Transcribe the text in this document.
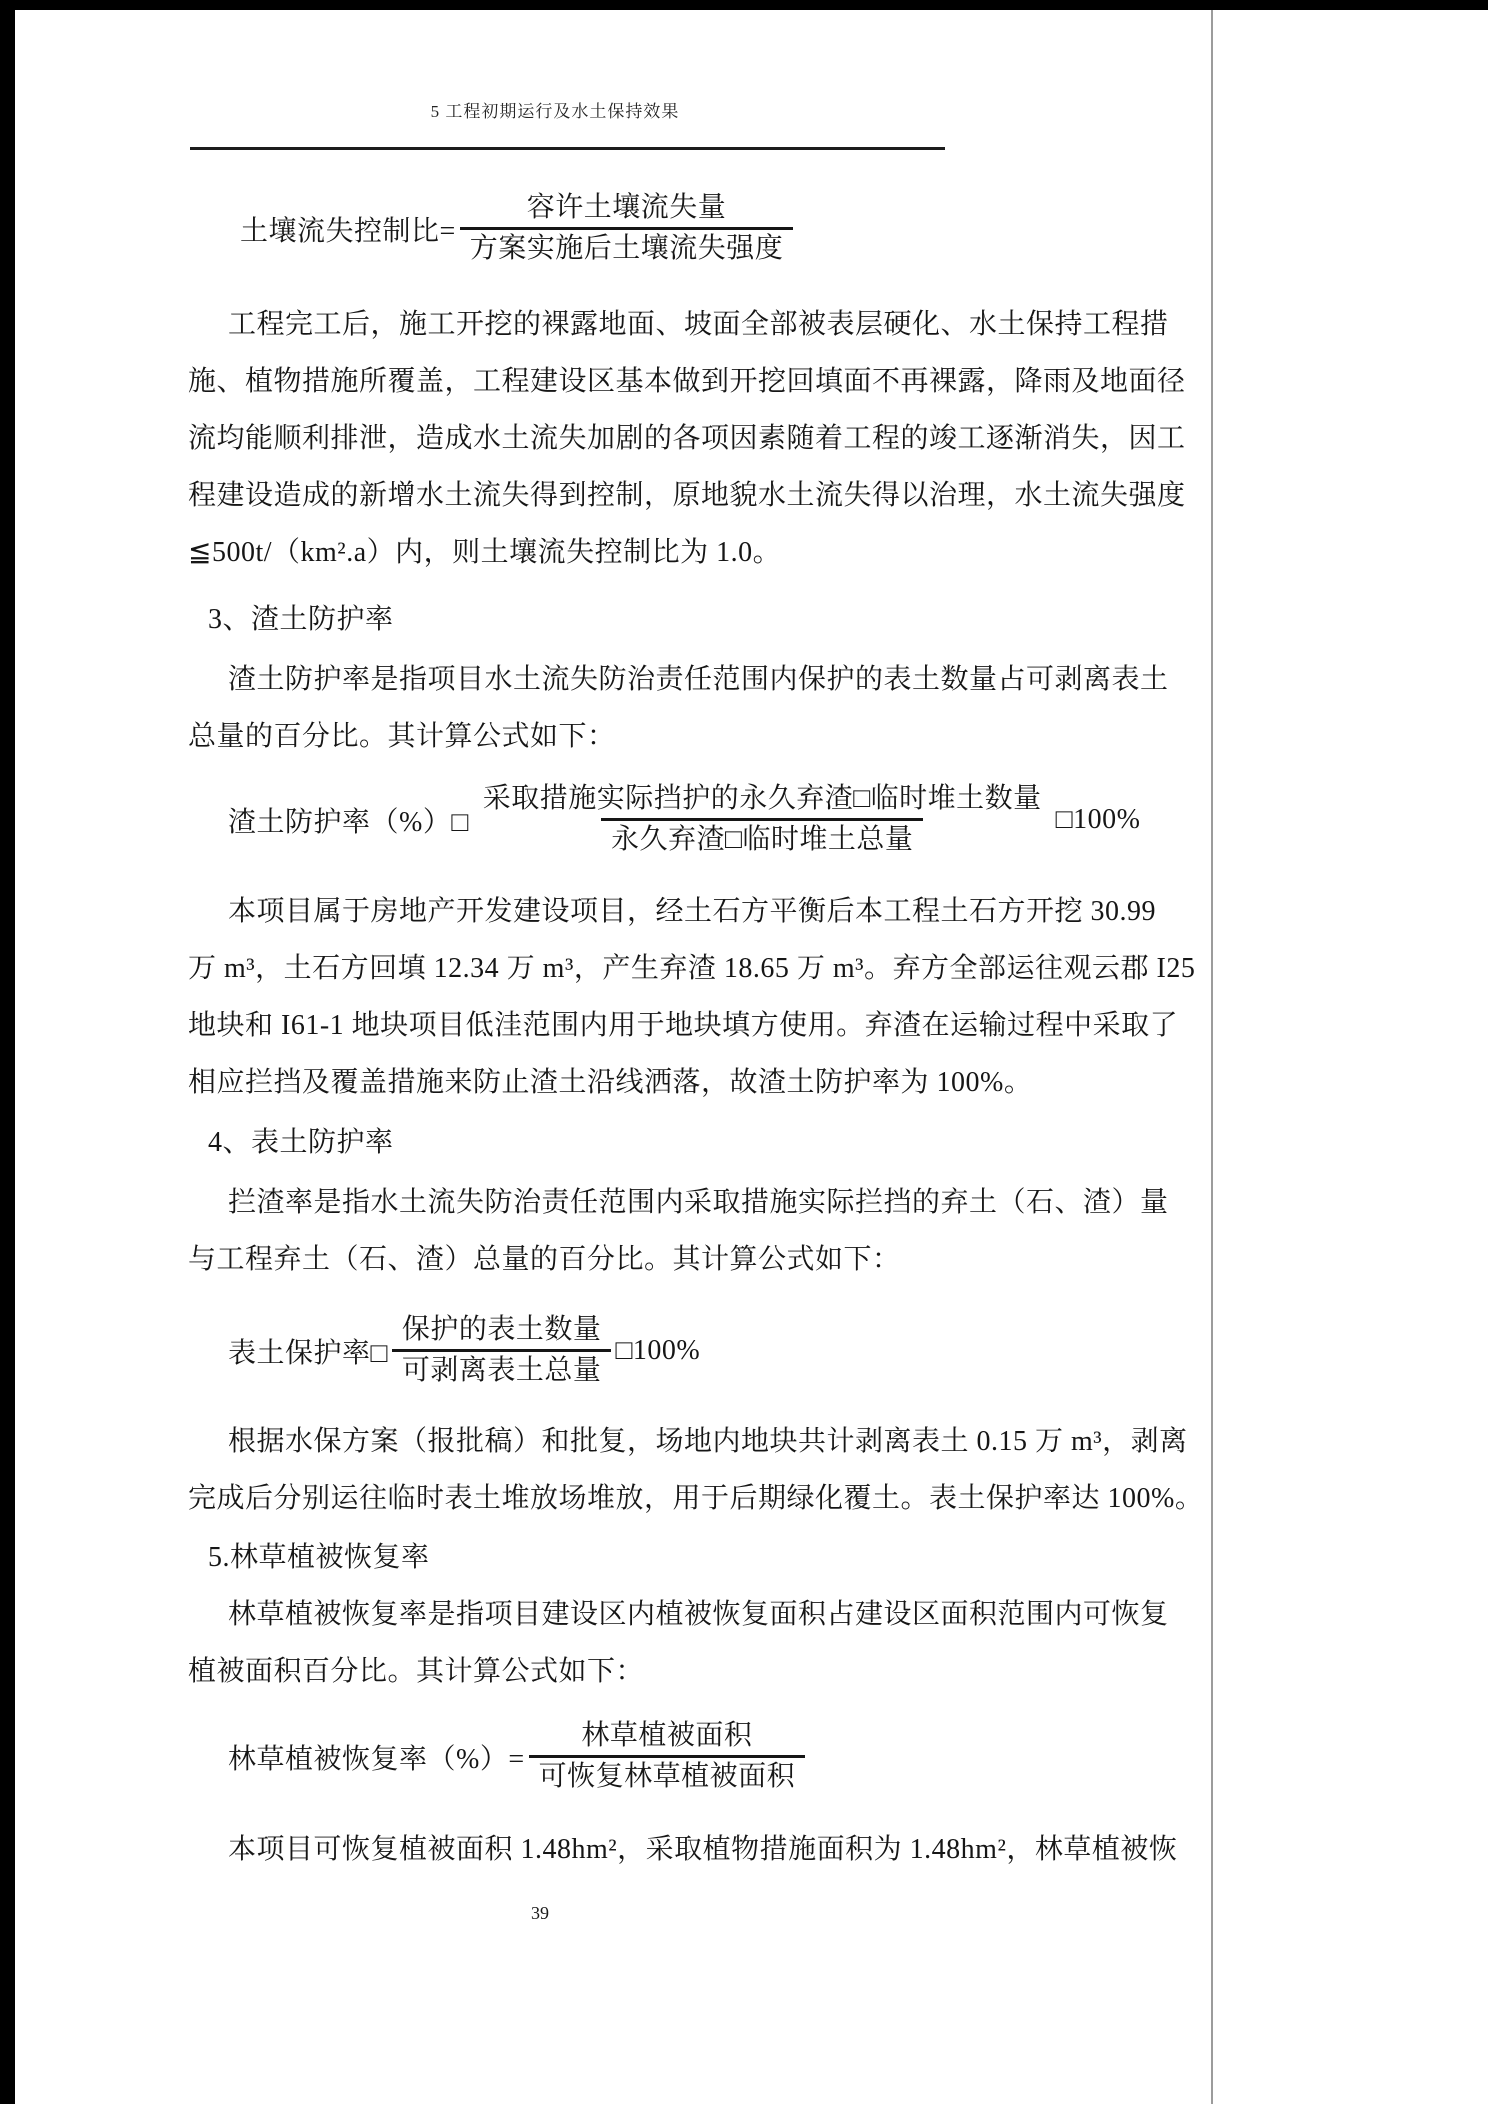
5 工程初期运行及水土保持效果
土壤流失控制比= $\frac{\text{容许土壤流失量}}{\text{方案实施后土壤流失强度}}$
工程完工后，施工开挖的裸露地面、坡面全部被表层硬化、水土保持工程措
施、植物措施所覆盖，工程建设区基本做到开挖回填面不再裸露，降雨及地面径
流均能顺利排泄，造成水土流失加剧的各项因素随着工程的竣工逐渐消失，因工
程建设造成的新增水土流失得到控制，原地貌水土流失得以治理，水土流失强度
≦500t/（km².a）内，则土壤流失控制比为 1.0。
3、渣土防护率
渣土防护率是指项目水土流失防治责任范围内保护的表土数量占可剥离表土
总量的百分比。其计算公式如下：
渣土防护率（%）□ $\frac{\text{采取措施实际挡护的永久弃渣□临时堆土数量}}{\text{永久弃渣□临时堆土总量}}$ □100%
本项目属于房地产开发建设项目，经土石方平衡后本工程土石方开挖 30.99
万 m³，土石方回填 12.34 万 m³，产生弃渣 18.65 万 m³。弃方全部运往观云郡 I25
地块和 I61-1 地块项目低洼范围内用于地块填方使用。弃渣在运输过程中采取了
相应拦挡及覆盖措施来防止渣土沿线洒落，故渣土防护率为 100%。
4、表土防护率
拦渣率是指水土流失防治责任范围内采取措施实际拦挡的弃土（石、渣）量
与工程弃土（石、渣）总量的百分比。其计算公式如下：
表土保护率□ $\frac{\text{保护的表土数量}}{\text{可剥离表土总量}}$ □100%
根据水保方案（报批稿）和批复，场地内地块共计剥离表土 0.15 万 m³，剥离
完成后分别运往临时表土堆放场堆放，用于后期绿化覆土。表土保护率达 100%。
5.林草植被恢复率
林草植被恢复率是指项目建设区内植被恢复面积占建设区面积范围内可恢复
植被面积百分比。其计算公式如下：
林草植被恢复率（%）= $\frac{\text{林草植被面积}}{\text{可恢复林草植被面积}}$
本项目可恢复植被面积 1.48hm²，采取植物措施面积为 1.48hm²，林草植被恢
39
